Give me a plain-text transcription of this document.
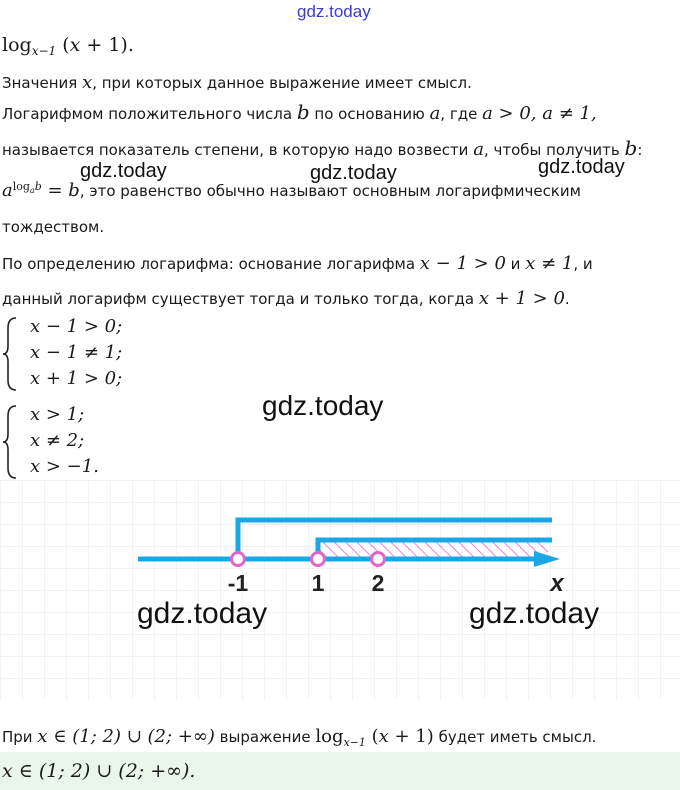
gdz.today
$\log_{x-1} (x + 1)$.
Значения x, при которых данное выражение имеет смысл.
Логарифмом положительного числа b по основанию a, где a > 0, a ≠ 1,
называется показатель степени, в которую надо возвести a, чтобы получить b:
gdz.today	gdz.today	gdz.today
$a^{log_ab} = b$, это равенство обычно называют основным логарифмическим
тождеством.
По определению логарифма: основание логарифма x − 1 > 0 и x ≠ 1, и
данный логарифм существует тогда и только тогда, когда x + 1 > 0.
x − 1 > 0;
x − 1 ≠ 1;
x + 1 > 0;
x > 1;
x ≠ 2;
x > −1.
gdz.today
-1	1 2	x
gdz.today	gdz.today
При x ∈ (1; 2) ∪ (2; +∞) выражение $\log_{x-1} (x + 1)$ будет иметь смысл.
x ∈ (1; 2) ∪ (2; +∞).
